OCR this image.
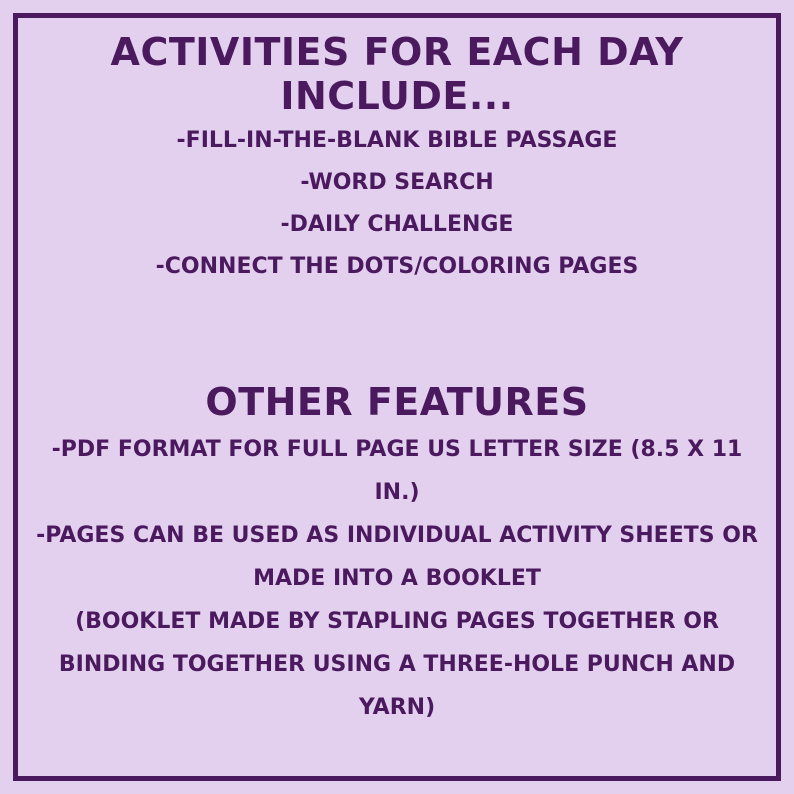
ACTIVITIES FOR EACH DAY INCLUDE...
-FILL-IN-THE-BLANK BIBLE PASSAGE
-WORD SEARCH
-DAILY CHALLENGE
-CONNECT THE DOTS/COLORING PAGES
OTHER FEATURES
-PDF FORMAT FOR FULL PAGE US LETTER SIZE (8.5 X 11 IN.)
-PAGES CAN BE USED AS INDIVIDUAL ACTIVITY SHEETS OR MADE INTO A BOOKLET
(BOOKLET MADE BY STAPLING PAGES TOGETHER OR BINDING TOGETHER USING A THREE-HOLE PUNCH AND YARN)
